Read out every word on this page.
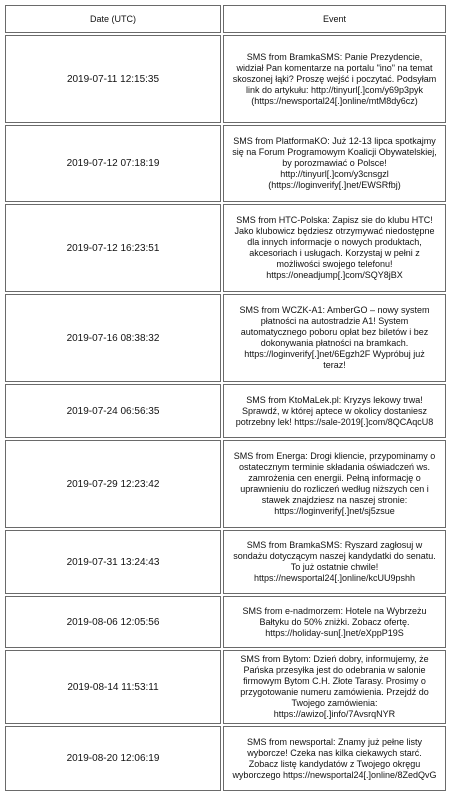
Date (UTC)	Event
2019-07-11 12:15:35	SMS from BramkaSMS: Panie Prezydencie, widział Pan komentarze na portalu "ino" na temat skoszonej łąki? Proszę wejść i poczytać. Podsyłam link do artykułu: http://tinyurl[.]com/y69p3pyk (https://newsportal24[.]online/mtM8dy6cz)
2019-07-12 07:18:19	SMS from PlatformaKO: Już 12-13 lipca spotkajmy się na Forum Programowym Koalicji Obywatelskiej, by porozmawiać o Polsce! http://tinyurl[.]com/y3cnsgzl (https://loginverify[.]net/EWSRfbj)
2019-07-12 16:23:51	SMS from HTC-Polska: Zapisz sie do klubu HTC! Jako klubowicz będziesz otrzymywać niedostępne dla innych informacje o nowych produktach, akcesoriach i usługach. Korzystaj w pełni z możliwości swojego telefonu! https://oneadjump[.]com/SQY8jBX
2019-07-16 08:38:32	SMS from WCZK-A1: AmberGO – nowy system płatności na autostradzie A1! System automatycznego poboru opłat bez biletów i bez dokonywania płatności na bramkach. https://loginverify[.]net/6Egzh2F Wypróbuj już teraz!
2019-07-24 06:56:35	SMS from KtoMaLek.pl: Kryzys lekowy trwa! Sprawdź, w której aptece w okolicy dostaniesz potrzebny lek! https://sale-2019[.]com/8QCAqcU8
2019-07-29 12:23:42	SMS from Energa: Drogi kliencie, przypominamy o ostatecznym terminie składania oświadczeń ws. zamrożenia cen energii. Pełną informację o uprawnieniu do rozliczeń według niższych cen i stawek znajdziesz na naszej stronie: https://loginverify[.]net/sj5zsue
2019-07-31 13:24:43	SMS from BramkaSMS: Ryszard zagłosuj w sondażu dotyczącym naszej kandydatki do senatu. To już ostatnie chwile! https://newsportal24[.]online/kcUU9pshh
2019-08-06 12:05:56	SMS from e-nadmorzem: Hotele na Wybrzeżu Bałtyku do 50% zniżki. Zobacz ofertę. https://holiday-sun[.]net/eXppP19S
2019-08-14 11:53:11	SMS from Bytom: Dzień dobry, informujemy, że Pańska przesyłka jest do odebrania w salonie firmowym Bytom C.H. Złote Tarasy. Prosimy o przygotowanie numeru zamówienia. Przejdź do Twojego zamówienia: https://awizo[.]info/7AvsrqNYR
2019-08-20 12:06:19	SMS from newsportal: Znamy już pełne listy wyborcze! Czeka nas kilka ciekawych starć. Zobacz listę kandydatów z Twojego okręgu wyborczego https://newsportal24[.]online/8ZedQvG
